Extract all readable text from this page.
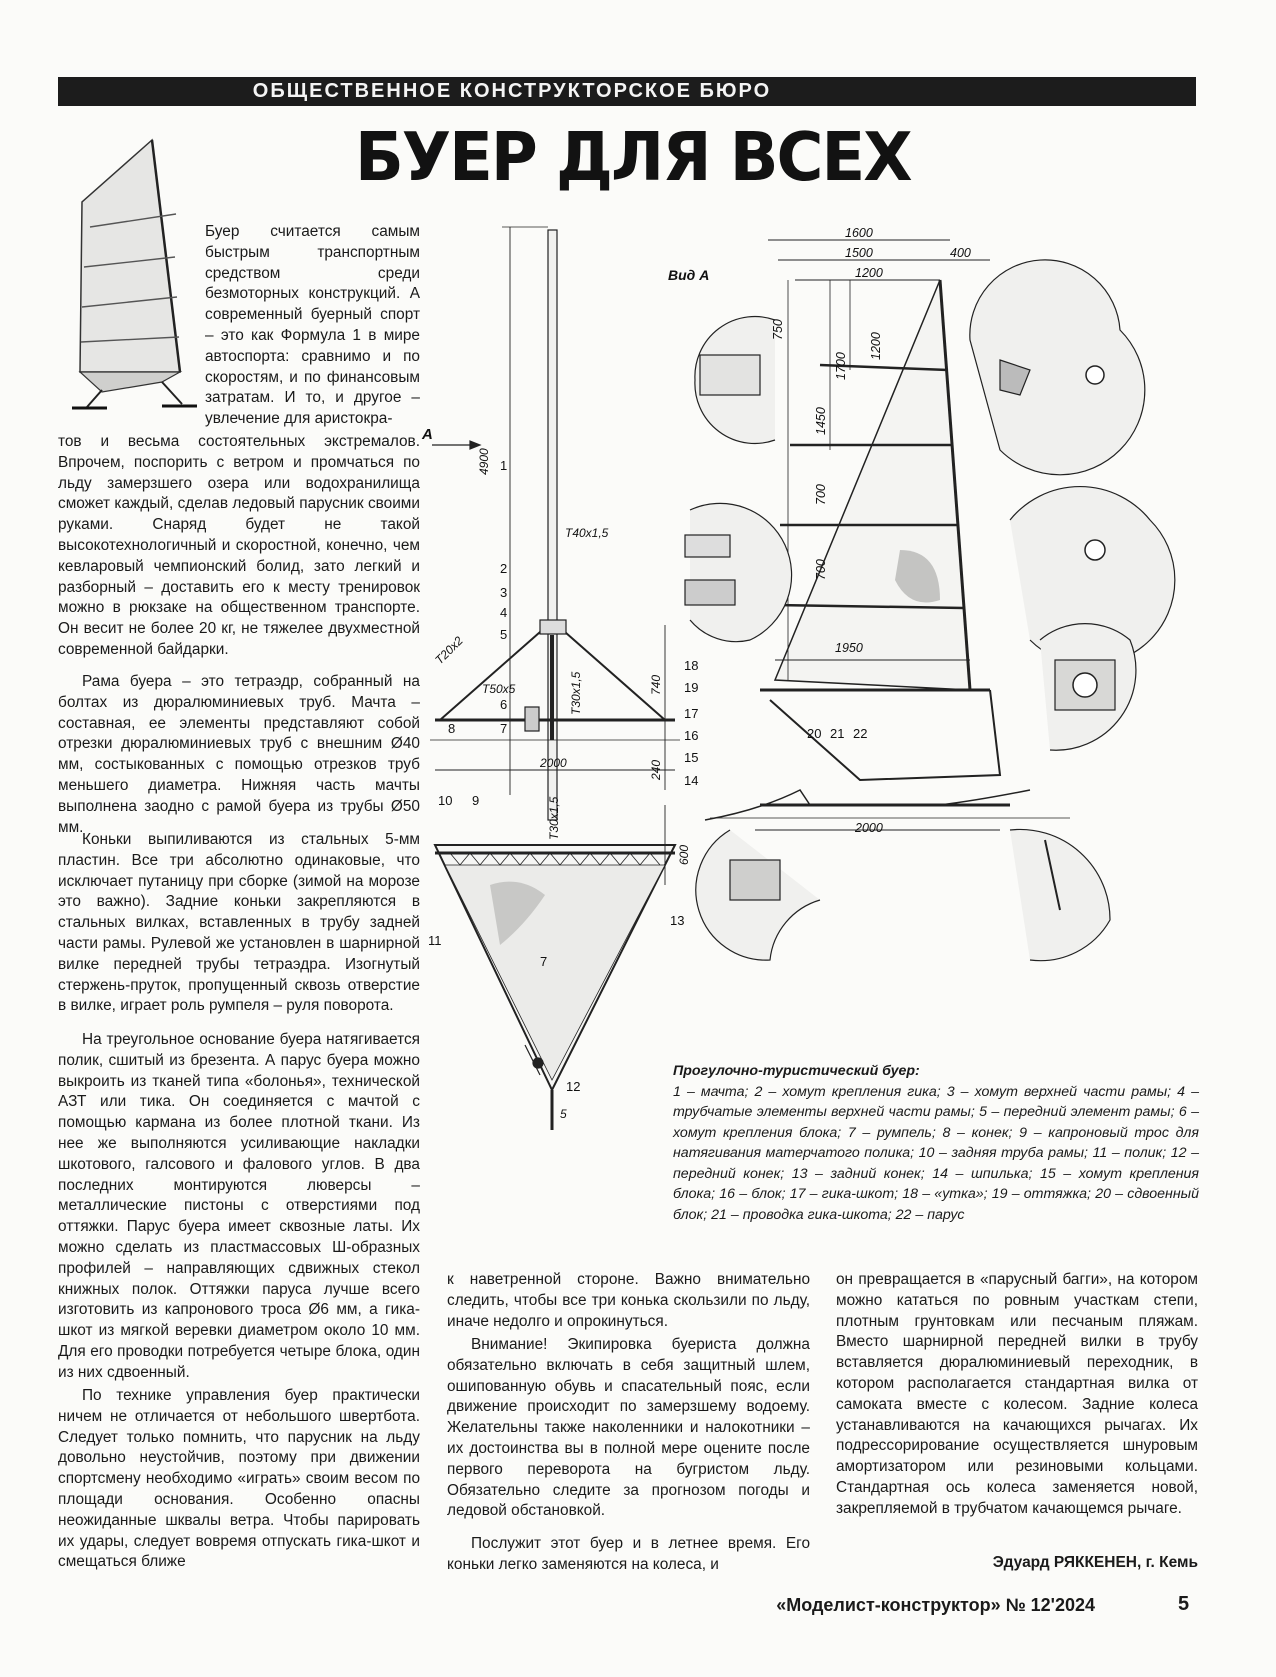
ОБЩЕСТВЕННОЕ КОНСТРУКТОРСКОЕ БЮРО
БУЕР ДЛЯ ВСЕХ

Буер считается самым быстрым транспортным средством среди безмоторных конструкций. А современный буерный спорт – это как Формула 1 в мире автоспорта: сравнимо и по скоростям, и по финансовым затратам. И то, и другое – увлечение для аристокра-

тов и весьма состоятельных экстремалов. Впрочем, поспорить с ветром и промчаться по льду замерзшего озера или водохранилища сможет каждый, сделав ледовый парусник своими руками. Снаряд будет не такой высокотехнологичный и скоростной, конечно, чем кевларовый чемпионский болид, зато легкий и разборный – доставить его к месту тренировок можно в рюкзаке на общественном транспорте. Он весит не более 20 кг, не тяжелее двухместной современной байдарки.

Рама буера – это тетраэдр, собранный на болтах из дюралюминиевых труб. Мачта – составная, ее элементы представляют собой отрезки дюралюминиевых труб с внешним Ø40 мм, состыкованных с помощью отрезков труб меньшего диаметра. Нижняя часть мачты выполнена заодно с рамой буера из трубы Ø50 мм.

Коньки выпиливаются из стальных 5-мм пластин. Все три абсолютно одинаковые, что исключает путаницу при сборке (зимой на морозе это важно). Задние коньки закрепляются в стальных вилках, вставленных в трубу задней части рамы. Рулевой же установлен в шарнирной вилке передней трубы тетраэдра. Изогнутый стержень-пруток, пропущенный сквозь отверстие в вилке, играет роль румпеля – руля поворота.

На треугольное основание буера натягивается полик, сшитый из брезента. А парус буера можно выкроить из тканей типа «болонья», технической АЗТ или тика. Он соединяется с мачтой с помощью кармана из более плотной ткани. Из нее же выполняются усиливающие накладки шкотового, галсового и фалового углов. В два последних монтируются люверсы – металлические пистоны с отверстиями под оттяжки. Парус буера имеет сквозные латы. Их можно сделать из пластмассовых Ш-образных профилей – направляющих сдвижных стекол книжных полок. Оттяжки паруса лучше всего изготовить из капронового троса Ø6 мм, а гика-шкот из мягкой веревки диаметром около 10 мм. Для его проводки потребуется четыре блока, один из них сдвоенный.

По технике управления буер практически ничем не отличается от небольшого швертбота. Следует только помнить, что парусник на льду довольно неустойчив, поэтому при движении спортсмену необходимо «играть» своим весом по площади основания. Особенно опасны неожиданные шквалы ветра. Чтобы парировать их удары, следует вовремя отпускать гика-шкот и смещаться ближе

к наветренной стороне. Важно внимательно следить, чтобы все три конька скользили по льду, иначе недолго и опрокинуться.

Внимание! Экипировка буериста должна обязательно включать в себя защитный шлем, ошипованную обувь и спасательный пояс, если движение происходит по замерзшему водоему. Желательны также наколенники и налокотники – их достоинства вы в полной мере оцените после первого переворота на бугристом льду. Обязательно следите за прогнозом погоды и ледовой обстановкой.

Послужит этот буер и в летнее время. Его коньки легко заменяются на колеса, и

он превращается в «парусный багги», на котором можно кататься по ровным участкам степи, плотным грунтовкам или песчаным пляжам. Вместо шарнирной передней вилки в трубу вставляется дюралюминиевый переходник, в котором располагается стандартная вилка от самоката вместе с колесом. Задние колеса устанавливаются на качающихся рычагах. Их подрессорирование осуществляется шнуровым амортизатором или резиновыми кольцами. Стандартная ось колеса заменяется новой, закрепляемой в трубчатом качающемся рычаге.

Эдуард РЯККЕНЕН, г. Кемь

Прогулочно-туристический буер:
1 – мачта; 2 – хомут крепления гика; 3 – хомут верхней части рамы; 4 – трубчатые элементы верхней части рамы; 5 – передний элемент рамы; 6 – хомут крепления блока; 7 – румпель; 8 – конек; 9 – капроновый трос для натягивания матерчатого полика; 10 – задняя труба рамы; 11 – полик; 12 – передний конек; 13 – задний конек; 14 – шпилька; 15 – хомут крепления блока; 16 – блок; 17 – гика-шкот; 18 – «утка»; 19 – оттяжка; 20 – сдвоенный блок; 21 – проводка гика-шкота; 22 – парус

А
4900
T40x1,5
T20x2
T50x5	T30x1,5	740
240
2000
T30x1,5
600
5
1
2
3
4
5
6
7
8
9
10
11
7
12
13
Вид А
1600
1500	400
1200
750
1700
1200
1450
700
700
1950
2000
18
19
17
16
15
14
20 21 22
«Моделист-конструктор» № 12'2024	5
